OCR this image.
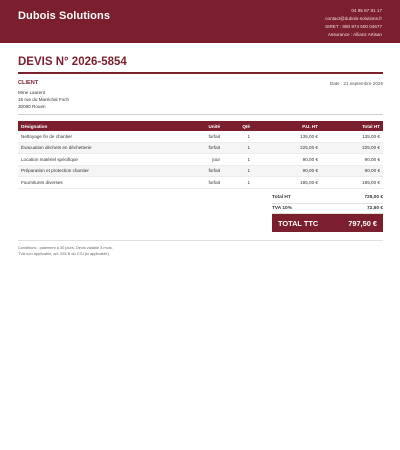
Dubois Solutions	04 95 67 81 17
contact@dubois-solutions.fr
SIRET : 880 974 500 04677
Assurance : Allianz Artisan
DEVIS N° 2026-5854
CLIENT
Mme Laurent
16 rue du Maréchal Foch
30090 Rouen
Date : 21 septembre 2026
Désignation	Unité	Qté	P.U. HT	Total HT
Nettoyage fin de chantier	forfait	1	135,00 €	135,00 €
Évacuation déchets en déchetterie	forfait	1	225,00 €	225,00 €
Location matériel spécifique	jour	1	90,00 €	90,00 €
Préparation et protection chantier	forfait	1	90,00 €	90,00 €
Fournitures diverses	forfait	1	185,00 €	185,00 €
Total HT	725,00 €
TVA 10%	72,50 €
TOTAL TTC	797,50 €
Conditions : paiement à 30 jours. Devis valable 3 mois.
TVA non applicable, art. 293 B du CGI (si applicable).
